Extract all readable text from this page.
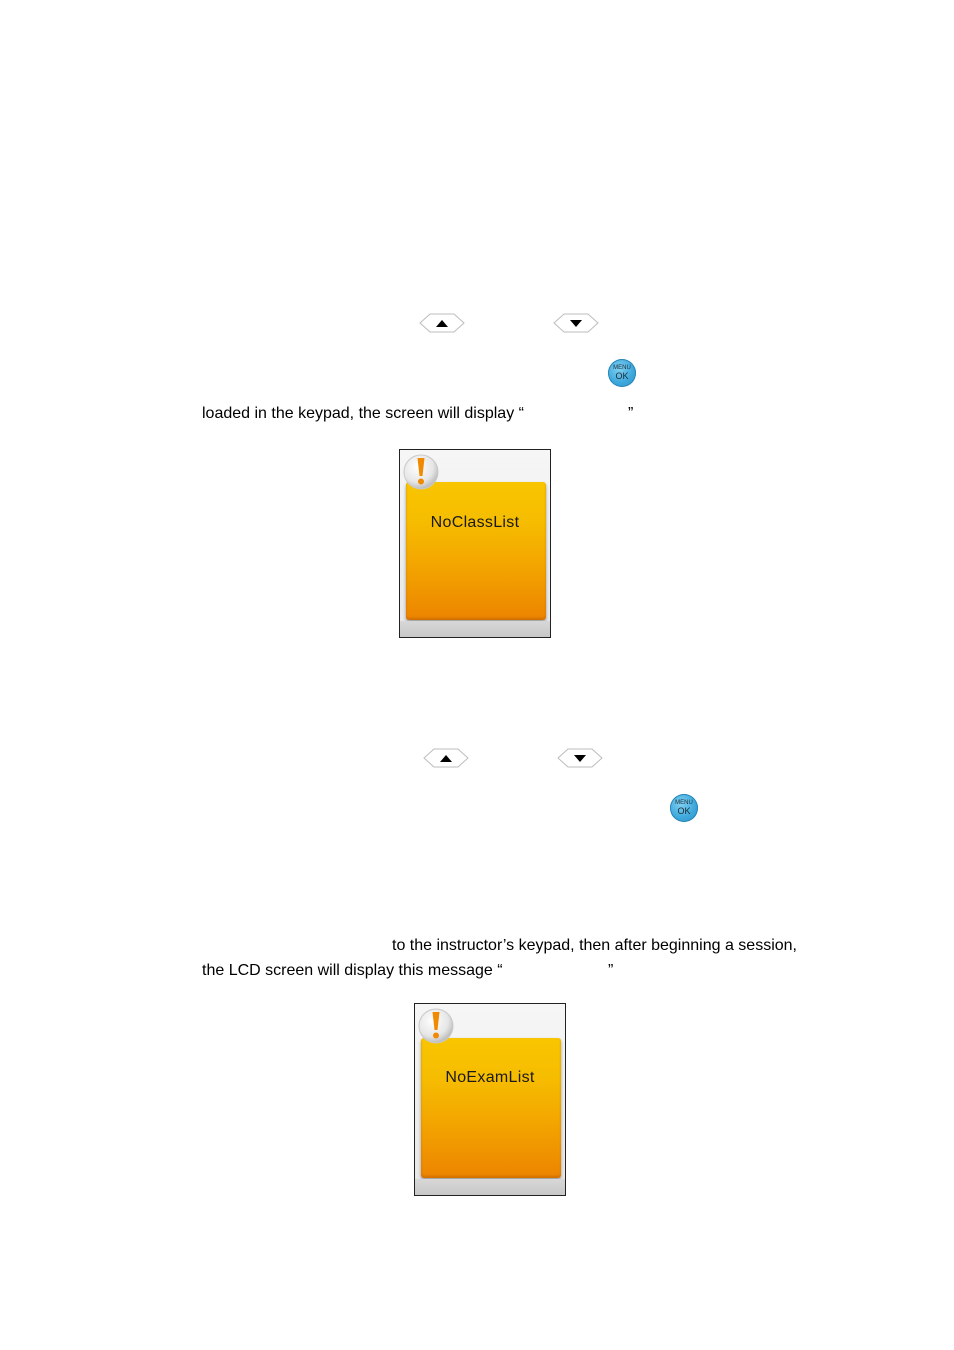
MENU
OK
loaded in the keypad, the screen will display “	”
NoClassList
MENU
OK
to the instructor’s keypad, then after beginning a session,
the LCD screen will display this message “	”
NoExamList
